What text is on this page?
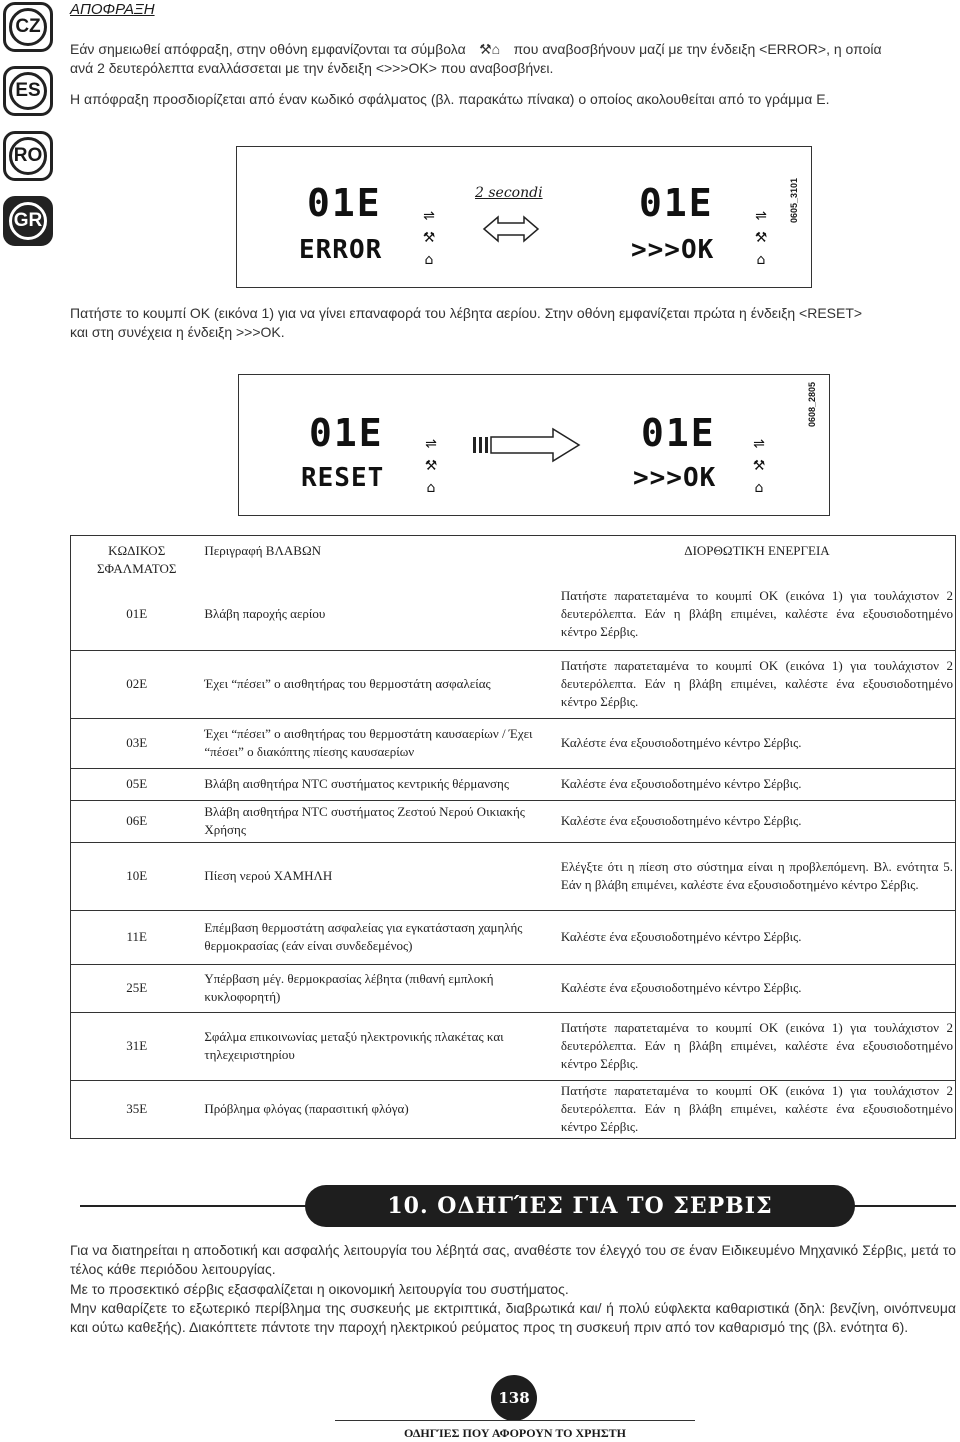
CZ
ES
RO
GR
ΑΠΟΦΡΑΞΗ
Εάν σημειωθεί απόφραξη, στην οθόνη εμφανίζονται τα σύμβολα ⚒⌂ που αναβοσβήνουν μαζί με την ένδειξη <ERROR>, η οποία
ανά 2 δευτερόλεπτα εναλλάσσεται με την ένδειξη <>>>OK> που αναβοσβήνει.
Η απόφραξη προσδιορίζεται από έναν κωδικό σφάλματος (βλ. παρακάτω πίνακα) ο οποίος ακολουθείται από το γράμμα E.
01E
ERROR
⇌
⚒
⌂
2 secondi	01E
>>>OK
⇌
⚒
⌂
0605_3101
Πατήστε το κουμπί OK (εικόνα 1) για να γίνει επαναφορά του λέβητα αερίου. Στην οθόνη εμφανίζεται πρώτα η ένδειξη <RESET>
και στη συνέχεια η ένδειξη >>>OK.
01E
RESET
⇌
⚒
⌂
01E
>>>OK
⇌
⚒
⌂
0608_2805
ΚΩΔΙΚΟΣ
ΣΦΑΛΜΑΤΟΣ	Περιγραφή ΒΛΑΒΩΝ	ΔΙΟΡΘΩΤΙΚΉ ΕΝΕΡΓΕΙΑ
01E	Βλάβη παροχής αερίου	Πατήστε παρατεταμένα το κουμπί OK (εικόνα 1) για τουλάχιστον 2 δευτερόλεπτα. Εάν η βλάβη επιμένει, καλέστε ένα εξουσιοδοτημένο κέντρο Σέρβις.
02E	Έχει “πέσει” ο αισθητήρας του θερμοστάτη ασφαλείας	Πατήστε παρατεταμένα το κουμπί OK (εικόνα 1) για τουλάχιστον 2 δευτερόλεπτα. Εάν η βλάβη επιμένει, καλέστε ένα εξουσιοδοτημένο κέντρο Σέρβις.
03E	Έχει “πέσει” ο αισθητήρας του θερμοστάτη καυσαερίων / Έχει “πέσει” ο διακόπτης πίεσης καυσαερίων	Καλέστε ένα εξουσιοδοτημένο κέντρο Σέρβις.
05E	Βλάβη αισθητήρα NTC συστήματος κεντρικής θέρμανσης	Καλέστε ένα εξουσιοδοτημένο κέντρο Σέρβις.
06E	Βλάβη αισθητήρα NTC συστήματος Ζεστού Νερού Οικιακής Χρήσης	Καλέστε ένα εξουσιοδοτημένο κέντρο Σέρβις.
10E	Πίεση νερού ΧΑΜΗΛΗ	Ελέγξτε ότι η πίεση στο σύστημα είναι η προβλεπόμενη. Βλ. ενότητα 5. Εάν η βλάβη επιμένει, καλέστε ένα εξουσιοδοτημένο κέντρο Σέρβις.
11E	Επέμβαση θερμοστάτη ασφαλείας για εγκατάσταση χαμηλής θερμοκρασίας (εάν είναι συνδεδεμένος)	Καλέστε ένα εξουσιοδοτημένο κέντρο Σέρβις.
25E	Υπέρβαση μέγ. θερμοκρασίας λέβητα (πιθανή εμπλοκή κυκλοφορητή)	Καλέστε ένα εξουσιοδοτημένο κέντρο Σέρβις.
31E	Σφάλμα επικοινωνίας μεταξύ ηλεκτρονικής πλακέτας και τηλεχειριστηρίου	Πατήστε παρατεταμένα το κουμπί OK (εικόνα 1) για τουλάχιστον 2 δευτερόλεπτα. Εάν η βλάβη επιμένει, καλέστε ένα εξουσιοδοτημένο κέντρο Σέρβις.
35E	Πρόβλημα φλόγας (παρασιτική φλόγα)	Πατήστε παρατεταμένα το κουμπί OK (εικόνα 1) για τουλάχιστον 2 δευτερόλεπτα. Εάν η βλάβη επιμένει, καλέστε ένα εξουσιοδοτημένο κέντρο Σέρβις.
10. ΟΔΗΓΊΕΣ ΓΙΑ ΤΟ ΣΕΡΒΙΣ
Για να διατηρείται η αποδοτική και ασφαλής λειτουργία του λέβητά σας, αναθέστε τον έλεγχό του σε έναν Ειδικευμένο Μηχανικό Σέρβις, μετά το τέλος κάθε περιόδου λειτουργίας.
Με το προσεκτικό σέρβις εξασφαλίζεται η οικονομική λειτουργία του συστήματος.
Μην καθαρίζετε το εξωτερικό περίβλημα της συσκευής με εκτριπτικά, διαβρωτικά και/ ή πολύ εύφλεκτα καθαριστικά (δηλ: βενζίνη, οινόπνευμα και ούτω καθεξής). Διακόπτετε πάντοτε την παροχή ηλεκτρικού ρεύματος προς τη συσκευή πριν από τον καθαρισμό της (βλ. ενότητα 6).
138
ΟΔΗΓΊΕΣ ΠΟΥ ΑΦΟΡΟΥΝ ΤΟ ΧΡΗΣΤΗ
